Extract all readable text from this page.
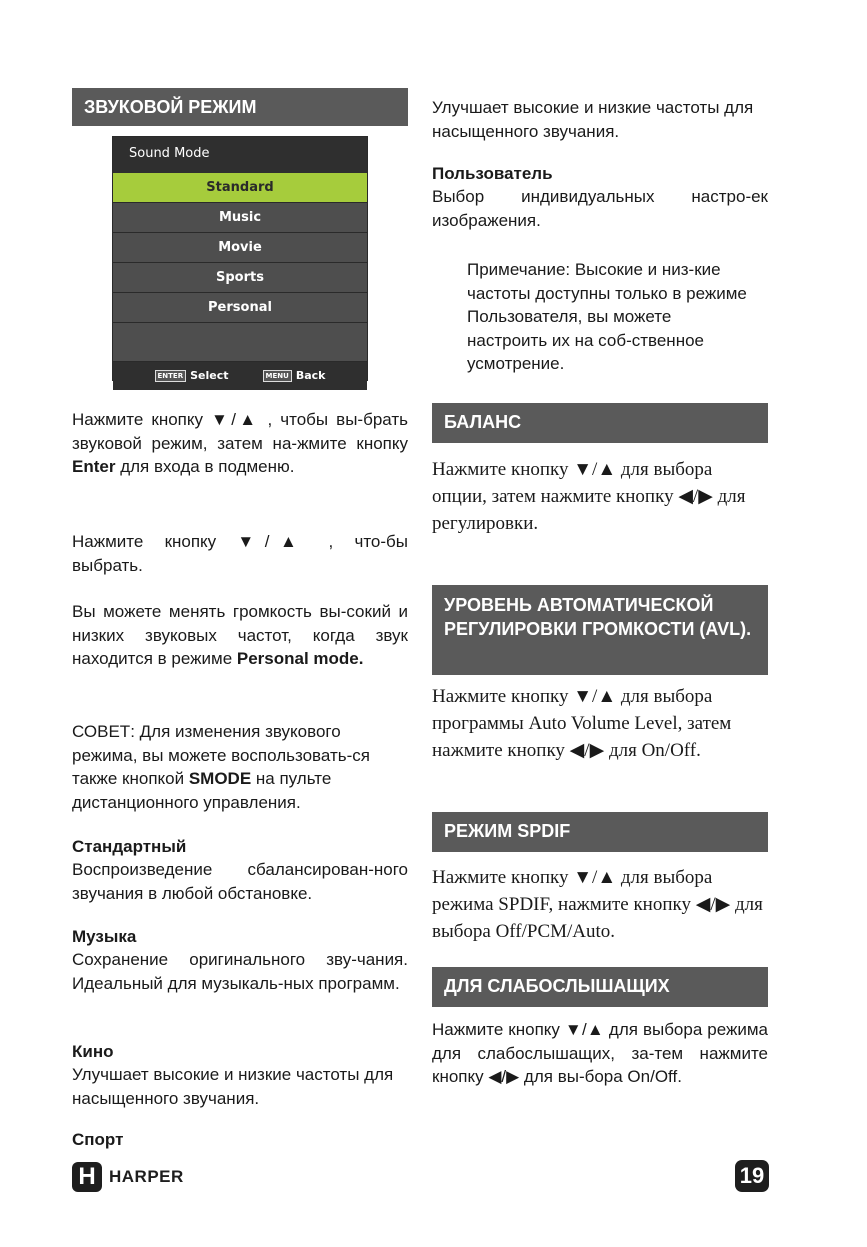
ЗВУКОВОЙ РЕЖИМ
Sound Mode
Standard
Music
Movie
Sports
Personal
ENTER Select	MENU Back

Нажмите кнопку ▼/▲ , чтобы вы-брать звуковой режим, затем на-жмите кнопку Enter для входа в подменю.

Нажмите кнопку ▼/▲ , что-бы выбрать.

Вы можете менять громкость вы-сокий и низких звуковых частот, когда звук находится в режиме Personal mode.

СОВЕТ: Для изменения звукового режима, вы можете воспользовать-ся также кнопкой SMODE на пульте дистанционного управления.

Стандартный

Воспроизведение сбалансирован-ного звучания в любой обстановке.

Музыка

Сохранение оригинального зву-чания. Идеальный для музыкаль-ных программ.

Кино

Улучшает высокие и низкие частоты для насыщенного звучания.

Спорт

Улучшает высокие и низкие частоты для насыщенного звучания.

Пользователь

Выбор индивидуальных настро-ек изображения.

Примечание: Высокие и низ-кие частоты доступны только в режиме Пользователя, вы можете настроить их на соб-ственное усмотрение.

БАЛАНС

Нажмите кнопку ▼/▲ для выбора опции, затем нажмите кнопку ◀/▶ для регулировки.

УРОВЕНЬ АВТОМАТИЧЕСКОЙ РЕГУЛИРОВКИ ГРОМКОСТИ (AVL).

Нажмите кнопку ▼/▲ для выбора программы Auto Volume Level, затем нажмите кнопку ◀/▶ для On/Off.

РЕЖИМ SPDIF

Нажмите кнопку ▼/▲ для выбора режима SPDIF, нажмите кнопку ◀/▶ для выбора Off/PCM/Auto.

ДЛЯ СЛАБОСЛЫШАЩИХ

Нажмите кнопку ▼/▲ для выбора режима для слабослышащих, за-тем нажмите кнопку ◀/▶ для вы-бора On/Off.

H HARPER	19
